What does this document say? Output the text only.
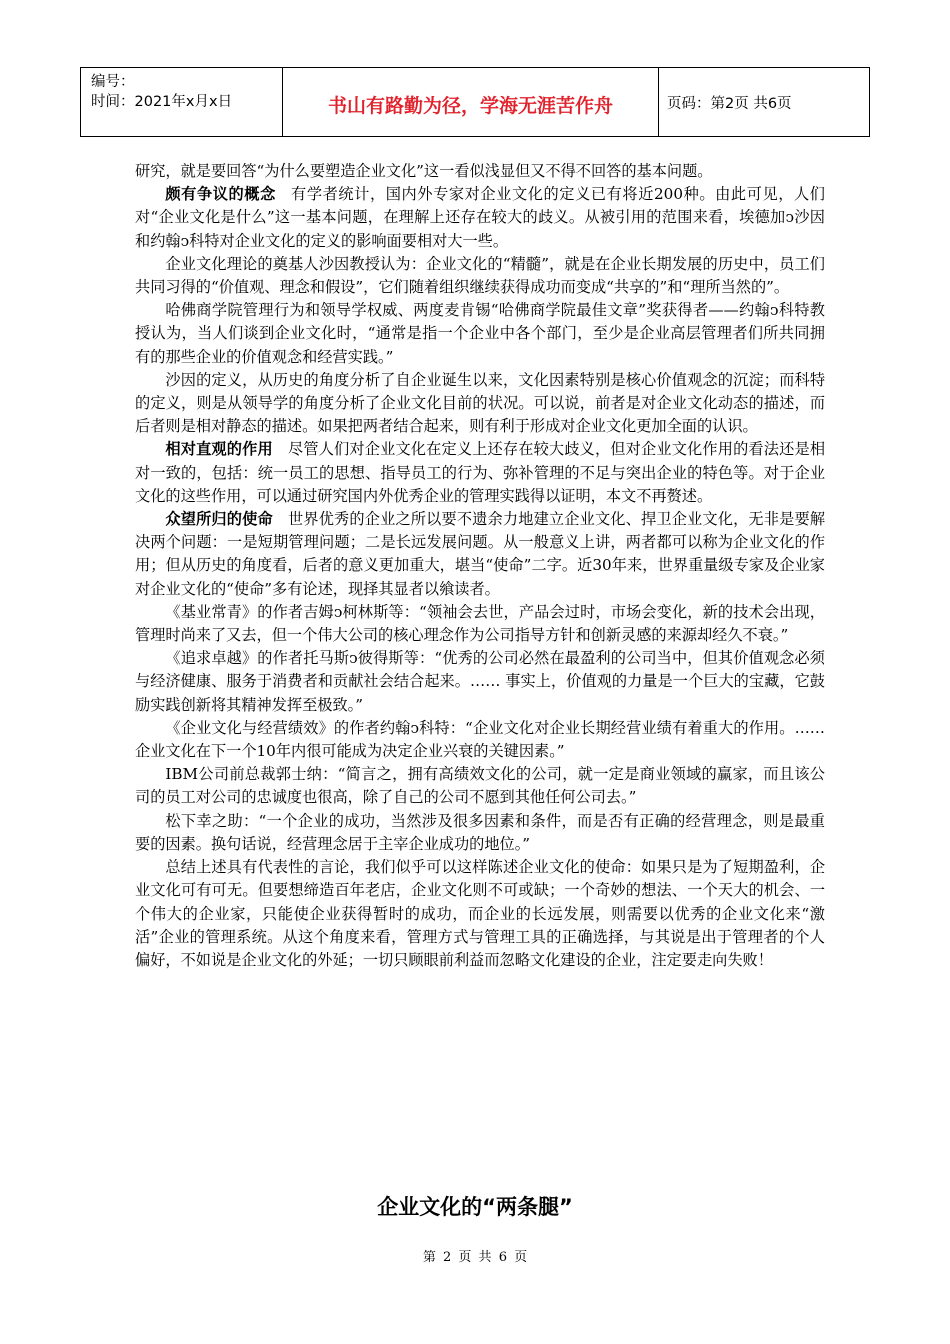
编号：
时间：2021年x月x日	书山有路勤为径，学海无涯苦作舟	页码：第2页 共6页

研究，就是要回答“为什么要塑造企业文化”这一看似浅显但又不得不回答的基本问题。

颇有争议的概念 有学者统计，国内外专家对企业文化的定义已有将近200种。由此可见，人们对“企业文化是什么”这一基本问题，在理解上还存在较大的歧义。从被引用的范围来看，埃德加ↄ沙因和约翰ↄ科特对企业文化的定义的影响面要相对大一些。

企业文化理论的奠基人沙因教授认为：企业文化的“精髓”，就是在企业长期发展的历史中，员工们共同习得的“价值观、理念和假设”，它们随着组织继续获得成功而变成“共享的”和“理所当然的”。

哈佛商学院管理行为和领导学权威、两度麦肯锡“哈佛商学院最佳文章”奖获得者——约翰ↄ科特教授认为，当人们谈到企业文化时，“通常是指一个企业中各个部门，至少是企业高层管理者们所共同拥有的那些企业的价值观念和经营实践。”

沙因的定义，从历史的角度分析了自企业诞生以来，文化因素特别是核心价值观念的沉淀；而科特的定义，则是从领导学的角度分析了企业文化目前的状况。可以说，前者是对企业文化动态的描述，而后者则是相对静态的描述。如果把两者结合起来，则有利于形成对企业文化更加全面的认识。

相对直观的作用 尽管人们对企业文化在定义上还存在较大歧义，但对企业文化作用的看法还是相对一致的，包括：统一员工的思想、指导员工的行为、弥补管理的不足与突出企业的特色等。对于企业文化的这些作用，可以通过研究国内外优秀企业的管理实践得以证明，本文不再赘述。

众望所归的使命 世界优秀的企业之所以要不遗余力地建立企业文化、捍卫企业文化，无非是要解决两个问题：一是短期管理问题；二是长远发展问题。从一般意义上讲，两者都可以称为企业文化的作用；但从历史的角度看，后者的意义更加重大，堪当“使命”二字。近30年来，世界重量级专家及企业家对企业文化的“使命”多有论述，现择其显者以飨读者。

《基业常青》的作者吉姆ↄ柯林斯等：“领袖会去世，产品会过时，市场会变化，新的技术会出现，管理时尚来了又去，但一个伟大公司的核心理念作为公司指导方针和创新灵感的来源却经久不衰。”

《追求卓越》的作者托马斯ↄ彼得斯等：“优秀的公司必然在最盈利的公司当中，但其价值观念必须与经济健康、服务于消费者和贡献社会结合起来。…… 事实上，价值观的力量是一个巨大的宝藏，它鼓励实践创新将其精神发挥至极致。”

《企业文化与经营绩效》的作者约翰ↄ科特：“企业文化对企业长期经营业绩有着重大的作用。…… 企业文化在下一个10年内很可能成为决定企业兴衰的关键因素。”

IBM公司前总裁郭士纳：“简言之，拥有高绩效文化的公司，就一定是商业领域的赢家，而且该公司的员工对公司的忠诚度也很高，除了自己的公司不愿到其他任何公司去。”

松下幸之助：“一个企业的成功，当然涉及很多因素和条件，而是否有正确的经营理念，则是最重要的因素。换句话说，经营理念居于主宰企业成功的地位。”

总结上述具有代表性的言论，我们似乎可以这样陈述企业文化的使命：如果只是为了短期盈利，企业文化可有可无。但要想缔造百年老店，企业文化则不可或缺；一个奇妙的想法、一个天大的机会、一个伟大的企业家，只能使企业获得暂时的成功，而企业的长远发展，则需要以优秀的企业文化来“激活”企业的管理系统。从这个角度来看，管理方式与管理工具的正确选择，与其说是出于管理者的个人偏好，不如说是企业文化的外延；一切只顾眼前利益而忽略文化建设的企业，注定要走向失败！

企业文化的“两条腿”
第 2 页 共 6 页
